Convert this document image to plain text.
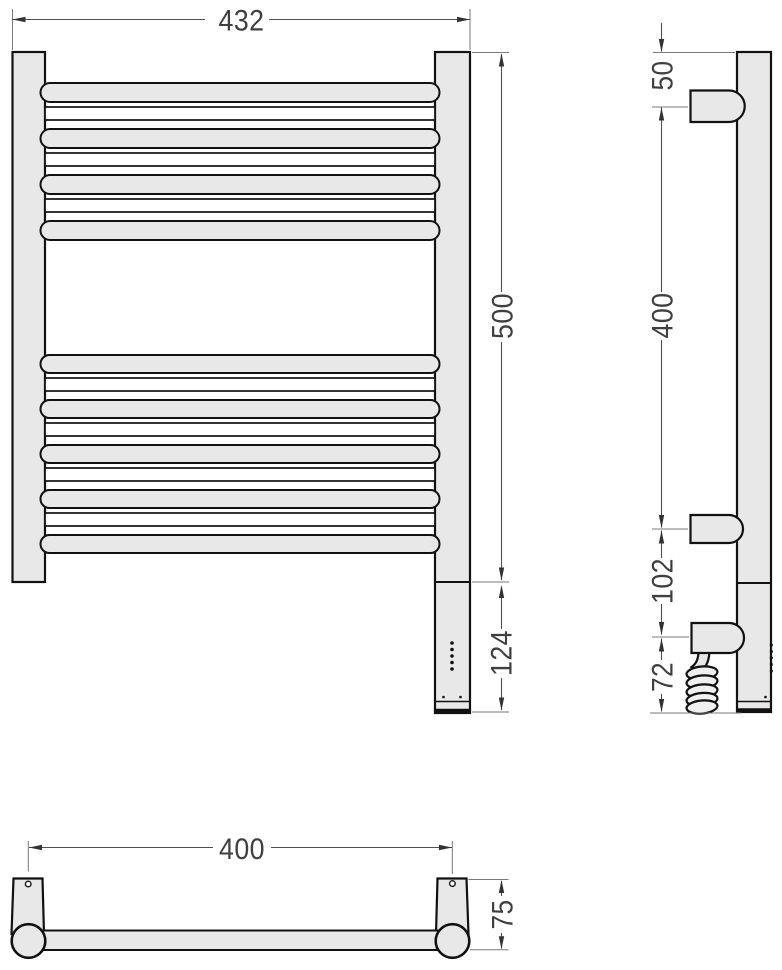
432
500
124
50
400
102
72
400
75
